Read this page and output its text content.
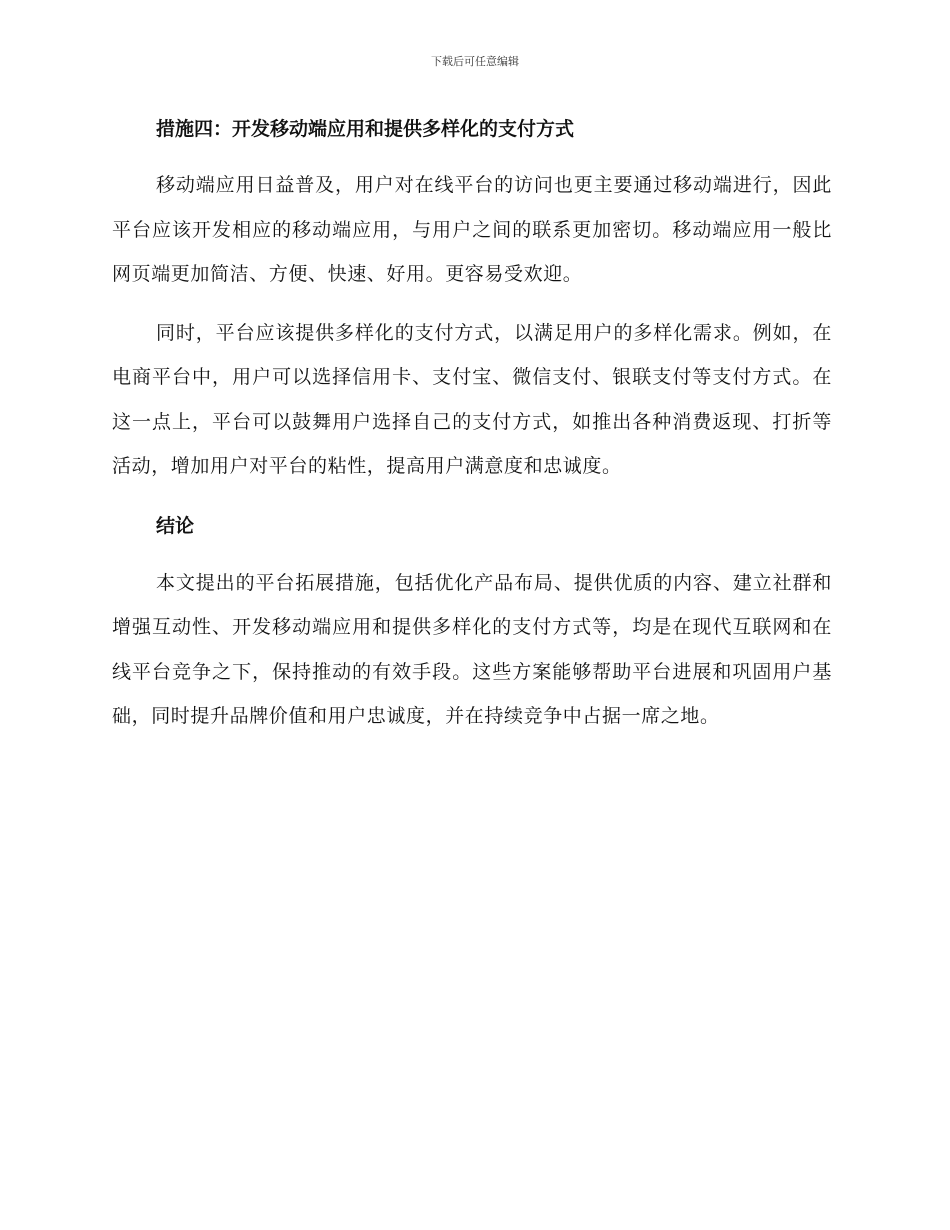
下载后可任意编辑
措施四：开发移动端应用和提供多样化的支付方式

移动端应用日益普及，用户对在线平台的访问也更主要通过移动端进行，因此平台应该开发相应的移动端应用，与用户之间的联系更加密切。移动端应用一般比网页端更加简洁、方便、快速、好用。更容易受欢迎。

同时，平台应该提供多样化的支付方式，以满足用户的多样化需求。例如，在电商平台中，用户可以选择信用卡、支付宝、微信支付、银联支付等支付方式。在这一点上，平台可以鼓舞用户选择自己的支付方式，如推出各种消费返现、打折等活动，增加用户对平台的粘性，提高用户满意度和忠诚度。

结论

本文提出的平台拓展措施，包括优化产品布局、提供优质的内容、建立社群和增强互动性、开发移动端应用和提供多样化的支付方式等，均是在现代互联网和在线平台竞争之下，保持推动的有效手段。这些方案能够帮助平台进展和巩固用户基础，同时提升品牌价值和用户忠诚度，并在持续竞争中占据一席之地。
